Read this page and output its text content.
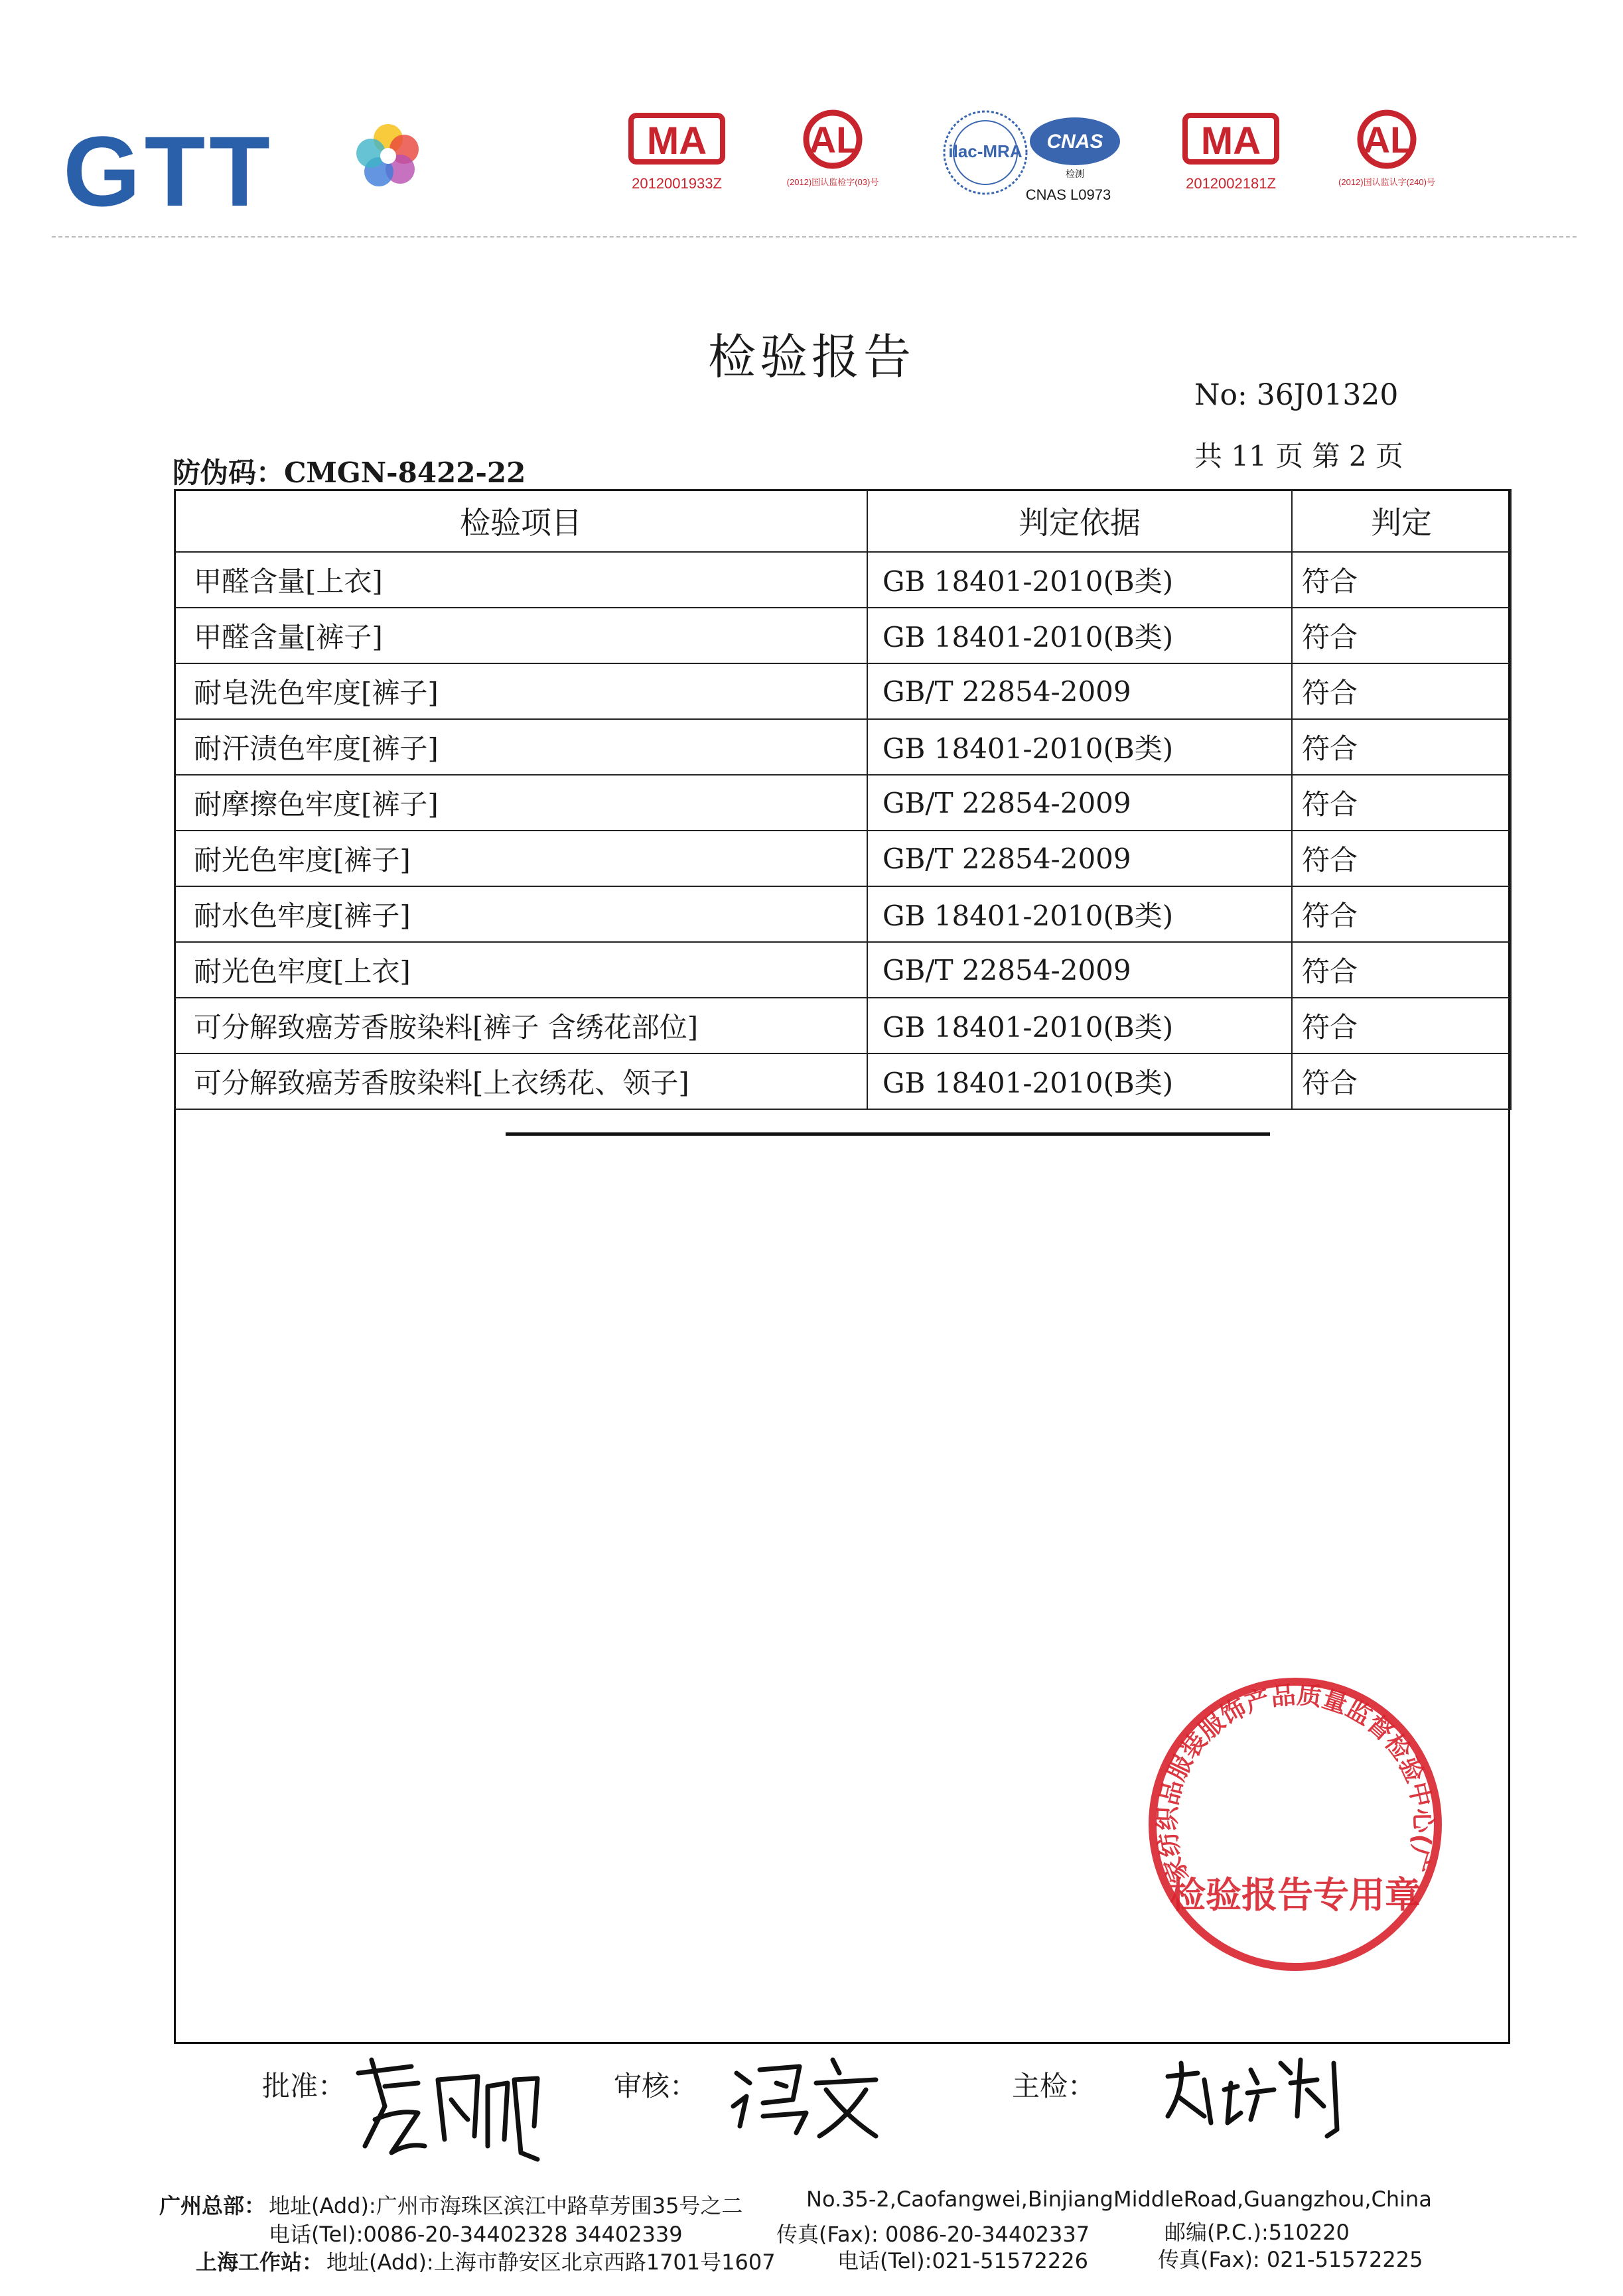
GTT	MA
2012001933Z
AL
(2012)国认监检字(03)号
ilac-MRA CNAS
检测
CNAS L0973
MA
2012002181Z
AL
(2012)国认监认字(240)号
检验报告
No: 36J01320
共 11 页 第 2 页
防伪码：CMGN-8422-22
检验项目	判定依据	判定
甲醛含量[上衣]	GB 18401-2010(B类)	符合
甲醛含量[裤子]	GB 18401-2010(B类)	符合
耐皂洗色牢度[裤子]	GB/T 22854-2009	符合
耐汗渍色牢度[裤子]	GB 18401-2010(B类)	符合
耐摩擦色牢度[裤子]	GB/T 22854-2009	符合
耐光色牢度[裤子]	GB/T 22854-2009	符合
耐水色牢度[裤子]	GB 18401-2010(B类)	符合
耐光色牢度[上衣]	GB/T 22854-2009	符合
可分解致癌芳香胺染料[裤子 含绣花部位]	GB 18401-2010(B类)	符合
可分解致癌芳香胺染料[上衣绣花、领子]	GB 18401-2010(B类)	符合
家纺织品服装服饰产品质量监督检验中心(广
检验报告专用章
批准：	审核：	主检：
广州总部： 地址(Add):广州市海珠区滨江中路草芳围35号之二	No.35-2,Caofangwei,BinjiangMiddleRoad,Guangzhou,China
电话(Tel):0086-20-34402328 34402339	传真(Fax): 0086-20-34402337	邮编(P.C.):510220
上海工作站： 地址(Add):上海市静安区北京西路1701号1607	电话(Tel):021-51572226	传真(Fax): 021-51572225
